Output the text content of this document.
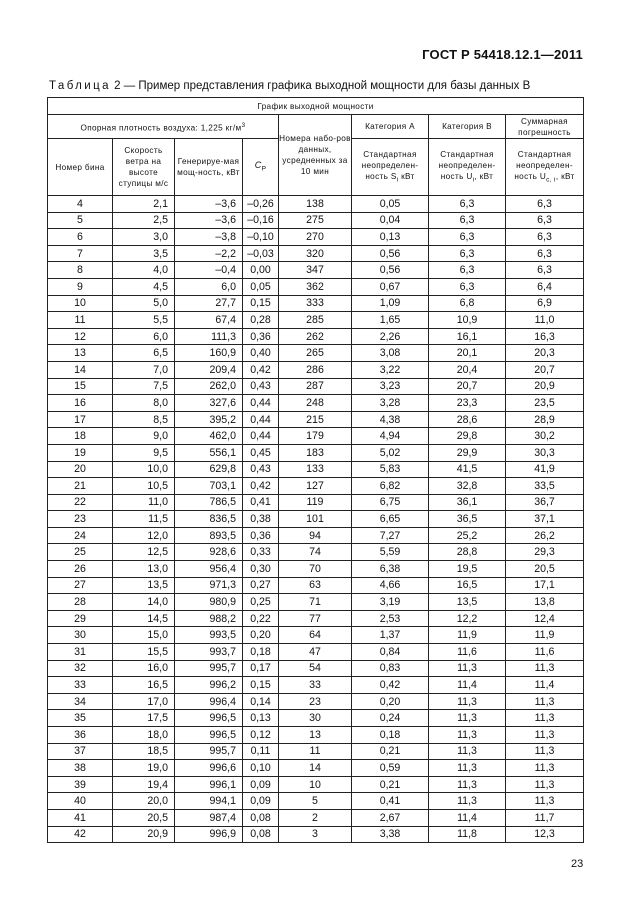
ГОСТ Р 54418.12.1—2011
Таблица 2 — Пример представления графика выходной мощности для базы данных B
График выходной мощности							
Опорная плотность воздуха: 1,225 $кг/м^3$				Номера набо-ров данных, усредненных за 10 мин	Категория A	Категория B	Суммарная погрешность
Номер бина	Скорость ветра на высоте ступицы м/с	Генерируе-мая мощ-ность, кВт	$C_P$		Стандартная неопределен-ность $S_i$ кВт	Стандартная неопределен-ность $U_i$, кВт	Стандартная неопределен-ность $U_{c, i}$, кВт
4	2,1	–3,6	–0,26	138	0,05	6,3	6,3
5	2,5	–3,6	–0,16	275	0,04	6,3	6,3
6	3,0	–3,8	–0,10	270	0,13	6,3	6,3
7	3,5	–2,2	–0,03	320	0,56	6,3	6,3
8	4,0	–0,4	0,00	347	0,56	6,3	6,3
9	4,5	6,0	0,05	362	0,67	6,3	6,4
10	5,0	27,7	0,15	333	1,09	6,8	6,9
11	5,5	67,4	0,28	285	1,65	10,9	11,0
12	6,0	111,3	0,36	262	2,26	16,1	16,3
13	6,5	160,9	0,40	265	3,08	20,1	20,3
14	7,0	209,4	0,42	286	3,22	20,4	20,7
15	7,5	262,0	0,43	287	3,23	20,7	20,9
16	8,0	327,6	0,44	248	3,28	23,3	23,5
17	8,5	395,2	0,44	215	4,38	28,6	28,9
18	9,0	462,0	0,44	179	4,94	29,8	30,2
19	9,5	556,1	0,45	183	5,02	29,9	30,3
20	10,0	629,8	0,43	133	5,83	41,5	41,9
21	10,5	703,1	0,42	127	6,82	32,8	33,5
22	11,0	786,5	0,41	119	6,75	36,1	36,7
23	11,5	836,5	0,38	101	6,65	36,5	37,1
24	12,0	893,5	0,36	94	7,27	25,2	26,2
25	12,5	928,6	0,33	74	5,59	28,8	29,3
26	13,0	956,4	0,30	70	6,38	19,5	20,5
27	13,5	971,3	0,27	63	4,66	16,5	17,1
28	14,0	980,9	0,25	71	3,19	13,5	13,8
29	14,5	988,2	0,22	77	2,53	12,2	12,4
30	15,0	993,5	0,20	64	1,37	11,9	11,9
31	15,5	993,7	0,18	47	0,84	11,6	11,6
32	16,0	995,7	0,17	54	0,83	11,3	11,3
33	16,5	996,2	0,15	33	0,42	11,4	11,4
34	17,0	996,4	0,14	23	0,20	11,3	11,3
35	17,5	996,5	0,13	30	0,24	11,3	11,3
36	18,0	996,5	0,12	13	0,18	11,3	11,3
37	18,5	995,7	0,11	11	0,21	11,3	11,3
38	19,0	996,6	0,10	14	0,59	11,3	11,3
39	19,4	996,1	0,09	10	0,21	11,3	11,3
40	20,0	994,1	0,09	5	0,41	11,3	11,3
41	20,5	987,4	0,08	2	2,67	11,4	11,7
42	20,9	996,9	0,08	3	3,38	11,8	12,3
23
